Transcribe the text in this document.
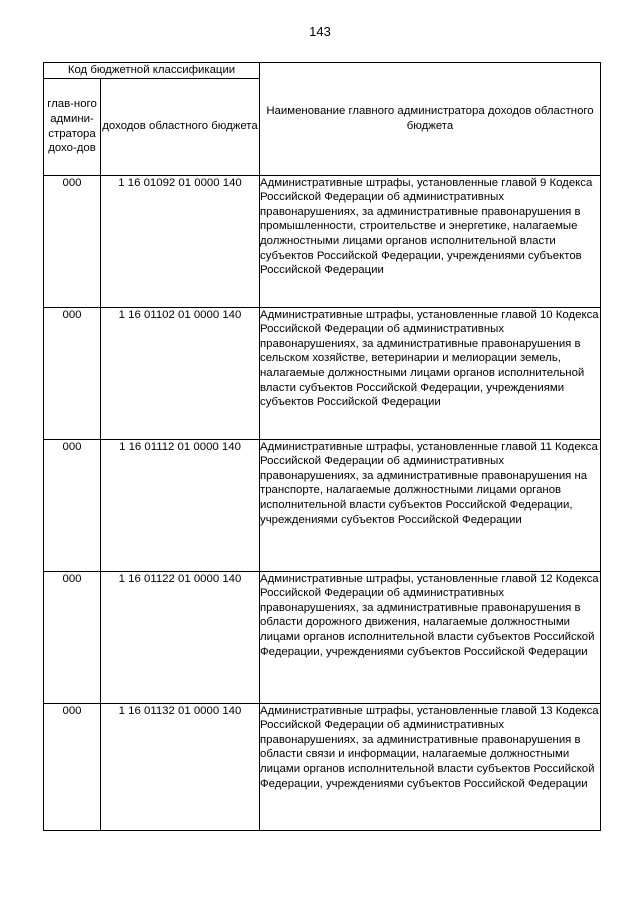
143
Код бюджетной классификации		Наименование главного администратора доходов областного бюджета
глав-ного админи-стратора дохо-дов	доходов областного бюджета	
000	1 16 01092 01 0000 140	Административные штрафы, установленные главой 9 Кодекса Российской Федерации об административных правонарушениях, за административные правонарушения в промышленности, строительстве и энергетике, налагаемые должностными лицами органов исполнительной власти субъектов Российской Федерации, учреждениями субъектов Российской Федерации
000	1 16 01102 01 0000 140	Административные штрафы, установленные главой 10 Кодекса Российской Федерации об административных правонарушениях, за административные правонарушения в сельском хозяйстве, ветеринарии и мелиорации земель, налагаемые должностными лицами органов исполнительной власти субъектов Российской Федерации, учреждениями субъектов Российской Федерации
000	1 16 01112 01 0000 140	Административные штрафы, установленные главой 11 Кодекса Российской Федерации об административных правонарушениях, за административные правонарушения на транспорте, налагаемые должностными лицами органов исполнительной власти субъектов Российской Федерации, учреждениями субъектов Российской Федерации
000	1 16 01122 01 0000 140	Административные штрафы, установленные главой 12 Кодекса Российской Федерации об административных правонарушениях, за административные правонарушения в области дорожного движения, налагаемые должностными лицами органов исполнительной власти субъектов Российской Федерации, учреждениями субъектов Российской Федерации
000	1 16 01132 01 0000 140	Административные штрафы, установленные главой 13 Кодекса Российской Федерации об административных правонарушениях, за административные правонарушения в области связи и информации, налагаемые должностными лицами органов исполнительной власти субъектов Российской Федерации, учреждениями субъектов Российской Федерации
